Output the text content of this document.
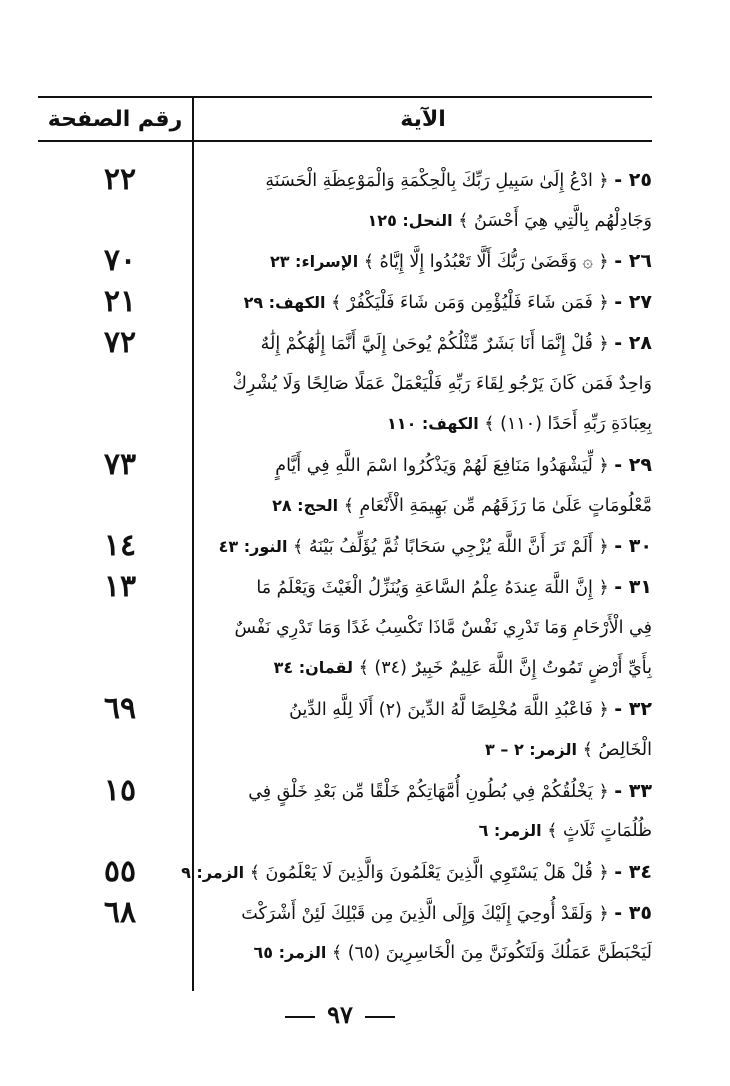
رقم الصفحة	الآية
٢٢	٢٥ - ﴿ ادْعُ إِلَىٰ سَبِيلِ رَبِّكَ بِالْحِكْمَةِ وَالْمَوْعِظَةِ الْحَسَنَةِ
وَجَادِلْهُم بِالَّتِي هِيَ أَحْسَنُ ﴾ النحل: ١٢٥
٧٠	٢٦ - ﴿ ۞ وَقَضَىٰ رَبُّكَ أَلَّا تَعْبُدُوا إِلَّا إِيَّاهُ ﴾ الإسراء: ٢٣
٢١	٢٧ - ﴿ فَمَن شَاءَ فَلْيُؤْمِن وَمَن شَاءَ فَلْيَكْفُرْ ﴾ الكهف: ٢٩
٧٢	٢٨ - ﴿ قُلْ إِنَّمَا أَنَا بَشَرٌ مِّثْلُكُمْ يُوحَىٰ إِلَيَّ أَنَّمَا إِلَٰهُكُمْ إِلَٰهٌ
وَاحِدٌ فَمَن كَانَ يَرْجُو لِقَاءَ رَبِّهِ فَلْيَعْمَلْ عَمَلًا صَالِحًا وَلَا يُشْرِكْ
بِعِبَادَةِ رَبِّهِ أَحَدًا (١١٠) ﴾ الكهف: ١١٠
٧٣	٢٩ - ﴿ لِّيَشْهَدُوا مَنَافِعَ لَهُمْ وَيَذْكُرُوا اسْمَ اللَّهِ فِي أَيَّامٍ
مَّعْلُومَاتٍ عَلَىٰ مَا رَزَقَهُم مِّن بَهِيمَةِ الْأَنْعَامِ ﴾ الحج: ٢٨
١٤	٣٠ - ﴿ أَلَمْ تَرَ أَنَّ اللَّهَ يُزْجِي سَحَابًا ثُمَّ يُؤَلِّفُ بَيْنَهُ ﴾ النور: ٤٣
١٣	٣١ - ﴿ إِنَّ اللَّهَ عِندَهُ عِلْمُ السَّاعَةِ وَيُنَزِّلُ الْغَيْثَ وَيَعْلَمُ مَا
فِي الْأَرْحَامِ وَمَا تَدْرِي نَفْسٌ مَّاذَا تَكْسِبُ غَدًا وَمَا تَدْرِي نَفْسٌ
بِأَيِّ أَرْضٍ تَمُوتُ إِنَّ اللَّهَ عَلِيمٌ خَبِيرٌ (٣٤) ﴾ لقمان: ٣٤
٦٩	٣٢ - ﴿ فَاعْبُدِ اللَّهَ مُخْلِصًا لَّهُ الدِّينَ (٢) أَلَا لِلَّهِ الدِّينُ
الْخَالِصُ ﴾ الزمر: ٢ – ٣
١٥	٣٣ - ﴿ يَخْلُقُكُمْ فِي بُطُونِ أُمَّهَاتِكُمْ خَلْقًا مِّن بَعْدِ خَلْقٍ فِي
ظُلُمَاتٍ ثَلَاثٍ ﴾ الزمر: ٦
٥٥	٣٤ - ﴿ قُلْ هَلْ يَسْتَوِي الَّذِينَ يَعْلَمُونَ وَالَّذِينَ لَا يَعْلَمُونَ ﴾ الزمر: ٩
٦٨	٣٥ - ﴿ وَلَقَدْ أُوحِيَ إِلَيْكَ وَإِلَى الَّذِينَ مِن قَبْلِكَ لَئِنْ أَشْرَكْتَ
لَيَحْبَطَنَّ عَمَلُكَ وَلَتَكُونَنَّ مِنَ الْخَاسِرِينَ (٦٥) ﴾ الزمر: ٦٥
٩٧
